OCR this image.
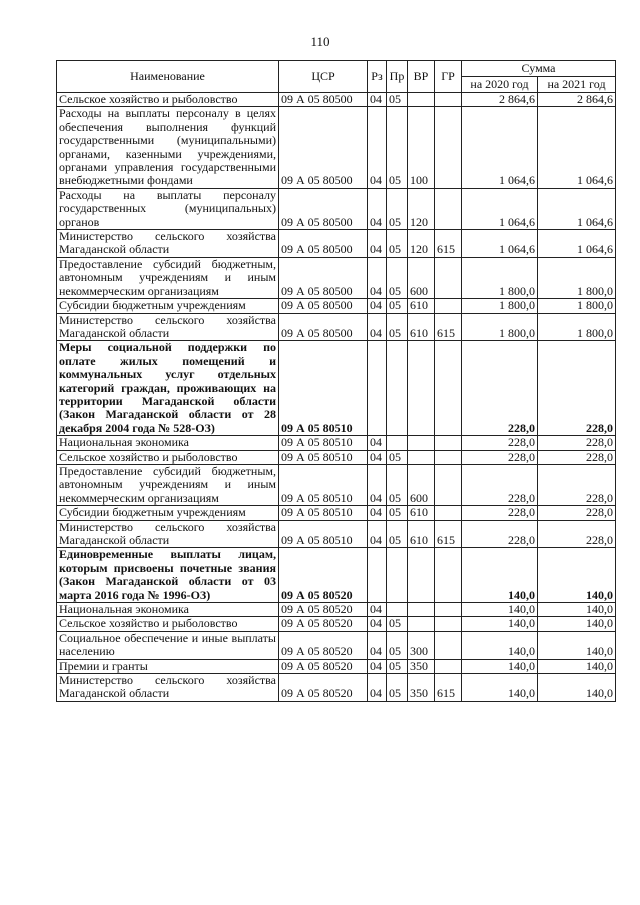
110
Наименование	ЦСР	Рз	Пр	ВР	ГР	Сумма	
						на 2020 год	на 2021 год
Сельское хозяйство и рыболовство	09 А 05 80500	04	05			2 864,6	2 864,6
Расходы на выплаты персоналу в целях обеспечения выполнения функций государственными (муниципальными) органами, казенными учреждениями, органами управления государственными внебюджетными фондами	09 А 05 80500	04	05	100		1 064,6	1 064,6
Расходы на выплаты персоналу государственных (муниципальных) органов	09 А 05 80500	04	05	120		1 064,6	1 064,6
Министерство сельского хозяйства Магаданской области	09 А 05 80500	04	05	120	615	1 064,6	1 064,6
Предоставление субсидий бюджетным, автономным учреждениям и иным некоммерческим организациям	09 А 05 80500	04	05	600		1 800,0	1 800,0
Субсидии бюджетным учреждениям	09 А 05 80500	04	05	610		1 800,0	1 800,0
Министерство сельского хозяйства Магаданской области	09 А 05 80500	04	05	610	615	1 800,0	1 800,0
Меры социальной поддержки по оплате жилых помещений и коммунальных услуг отдельных категорий граждан, проживающих на территории Магаданской области (Закон Магаданской области от 28 декабря 2004 года № 528-ОЗ)	09 А 05 80510					228,0	228,0
Национальная экономика	09 А 05 80510	04				228,0	228,0
Сельское хозяйство и рыболовство	09 А 05 80510	04	05			228,0	228,0
Предоставление субсидий бюджетным, автономным учреждениям и иным некоммерческим организациям	09 А 05 80510	04	05	600		228,0	228,0
Субсидии бюджетным учреждениям	09 А 05 80510	04	05	610		228,0	228,0
Министерство сельского хозяйства Магаданской области	09 А 05 80510	04	05	610	615	228,0	228,0
Единовременные выплаты лицам, которым присвоены почетные звания (Закон Магаданской области от 03 марта 2016 года № 1996-ОЗ)	09 А 05 80520					140,0	140,0
Национальная экономика	09 А 05 80520	04				140,0	140,0
Сельское хозяйство и рыболовство	09 А 05 80520	04	05			140,0	140,0
Социальное обеспечение и иные выплаты населению	09 А 05 80520	04	05	300		140,0	140,0
Премии и гранты	09 А 05 80520	04	05	350		140,0	140,0
Министерство сельского хозяйства Магаданской области	09 А 05 80520	04	05	350	615	140,0	140,0
